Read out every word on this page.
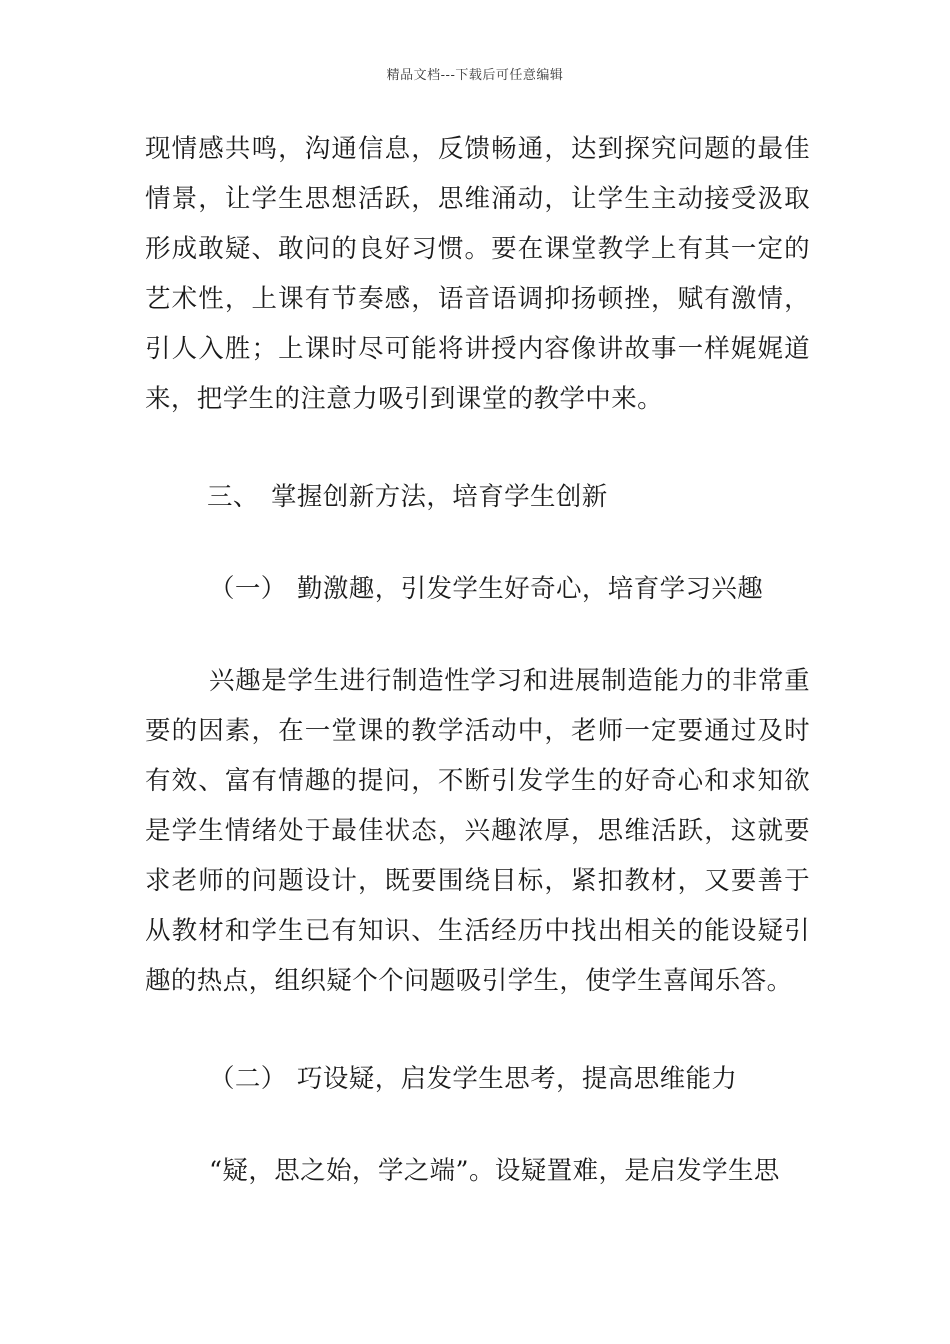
精品文档---下载后可任意编辑

现情感共鸣，沟通信息，反馈畅通，达到探究问题的最佳情景，让学生思想活跃，思维涌动，让学生主动接受汲取形成敢疑、敢问的良好习惯。要在课堂教学上有其一定的艺术性，上课有节奏感，语音语调抑扬顿挫，赋有激情，引人入胜；上课时尽可能将讲授内容像讲故事一样娓娓道来，把学生的注意力吸引到课堂的教学中来。

三、 掌握创新方法，培育学生创新

（一） 勤激趣，引发学生好奇心，培育学习兴趣

兴趣是学生进行制造性学习和进展制造能力的非常重要的因素，在一堂课的教学活动中，老师一定要通过及时有效、富有情趣的提问，不断引发学生的好奇心和求知欲是学生情绪处于最佳状态，兴趣浓厚，思维活跃，这就要求老师的问题设计，既要围绕目标，紧扣教材，又要善于从教材和学生已有知识、生活经历中找出相关的能设疑引趣的热点，组织疑个个问题吸引学生，使学生喜闻乐答。

（二） 巧设疑，启发学生思考，提高思维能力

“疑，思之始，学之端”。设疑置难，是启发学生思
